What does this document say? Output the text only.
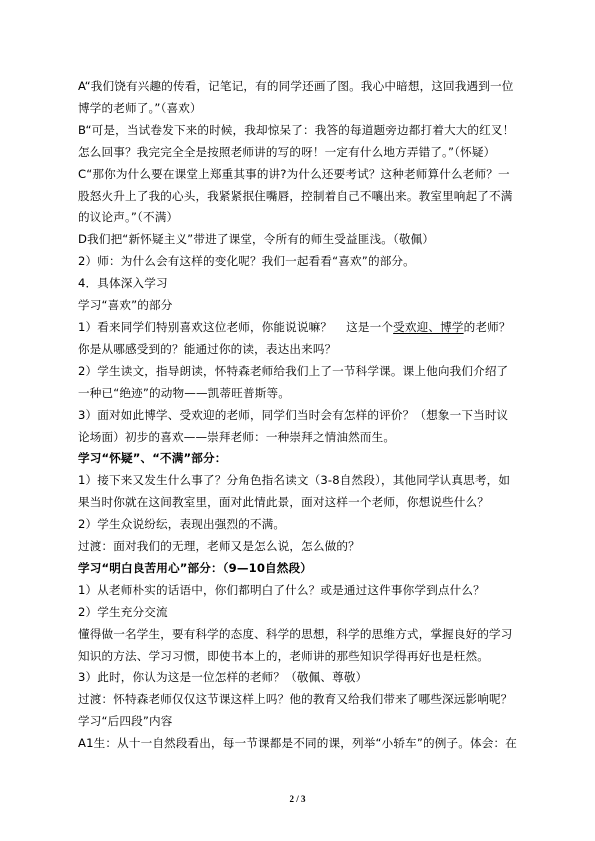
A“我们饶有兴趣的传看，记笔记，有的同学还画了图。我心中暗想，这回我遇到一位博学的老师了。”（喜欢）

B“可是，当试卷发下来的时候，我却惊呆了：我答的每道题旁边都打着大大的红叉！怎么回事？我完完全全是按照老师讲的写的呀！一定有什么地方弄错了。”（怀疑）

C“那你为什么要在课堂上郑重其事的讲?为什么还要考试？这种老师算什么老师？一股怒火升上了我的心头，我紧紧抿住嘴唇，控制着自己不嚷出来。教室里响起了不满的议论声。”（不满）

D我们把“新怀疑主义”带进了课堂，令所有的师生受益匪浅。（敬佩）

2）师：为什么会有这样的变化呢？我们一起看看“喜欢”的部分。

4．具体深入学习

学习“喜欢”的部分

1）看来同学们特别喜欢这位老师，你能说说嘛？ 这是一个受欢迎、博学的老师？你是从哪感受到的？能通过你的读，表达出来吗？

2）学生读文，指导朗读，怀特森老师给我们上了一节科学课。课上他向我们介绍了一种已“绝迹”的动物——凯蒂旺普斯等。

3）面对如此博学、受欢迎的老师，同学们当时会有怎样的评价？（想象一下当时议论场面）初步的喜欢——崇拜老师：一种崇拜之情油然而生。

学习“怀疑”、“不满”部分：

1）接下来又发生什么事了？分角色指名读文（3-8自然段），其他同学认真思考，如果当时你就在这间教室里，面对此情此景，面对这样一个老师，你想说些什么？

2）学生众说纷纭，表现出强烈的不满。

过渡：面对我们的无理，老师又是怎么说，怎么做的？

学习“明白良苦用心”部分：（9—10自然段）

1）从老师朴实的话语中，你们都明白了什么？或是通过这件事你学到点什么？

2）学生充分交流

懂得做一名学生，要有科学的态度、科学的思想，科学的思维方式，掌握良好的学习知识的方法、学习习惯，即使书本上的，老师讲的那些知识学得再好也是枉然。

3）此时，你认为这是一位怎样的老师？（敬佩、尊敬）

过渡：怀特森老师仅仅这节课这样上吗？他的教育又给我们带来了哪些深远影响呢？

学习“后四段”内容

A1生：从十一自然段看出，每一节课都是不同的课，列举“小轿车”的例子。体会：在

2 / 3
